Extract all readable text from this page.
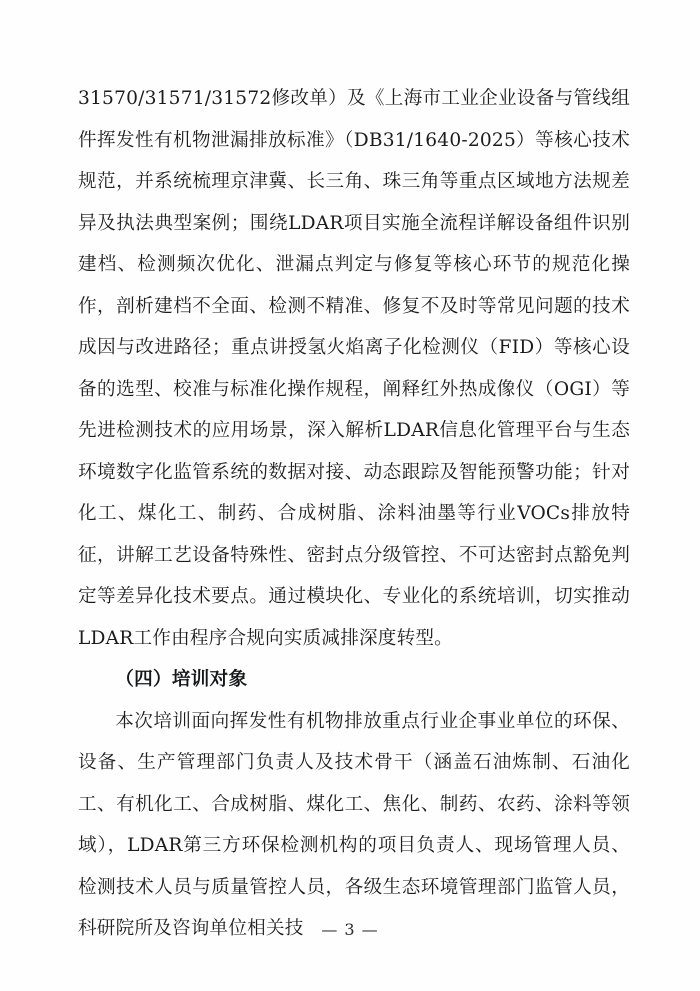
31570/31571/31572修改单）及《上海市工业企业设备与管线组件挥发性有机物泄漏排放标准》（DB31/1640-2025）等核心技术规范，并系统梳理京津冀、长三角、珠三角等重点区域地方法规差异及执法典型案例；围绕LDAR项目实施全流程详解设备组件识别建档、检测频次优化、泄漏点判定与修复等核心环节的规范化操作，剖析建档不全面、检测不精准、修复不及时等常见问题的技术成因与改进路径；重点讲授氢火焰离子化检测仪（FID）等核心设备的选型、校准与标准化操作规程，阐释红外热成像仪（OGI）等先进检测技术的应用场景，深入解析LDAR信息化管理平台与生态环境数字化监管系统的数据对接、动态跟踪及智能预警功能；针对化工、煤化工、制药、合成树脂、涂料油墨等行业VOCs排放特征，讲解工艺设备特殊性、密封点分级管控、不可达密封点豁免判定等差异化技术要点。通过模块化、专业化的系统培训，切实推动LDAR工作由程序合规向实质减排深度转型。

（四）培训对象

本次培训面向挥发性有机物排放重点行业企事业单位的环保、设备、生产管理部门负责人及技术骨干（涵盖石油炼制、石油化工、有机化工、合成树脂、煤化工、焦化、制药、农药、涂料等领域），LDAR第三方环保检测机构的项目负责人、现场管理人员、检测技术人员与质量管控人员，各级生态环境管理部门监管人员，科研院所及咨询单位相关技	— 3 —
